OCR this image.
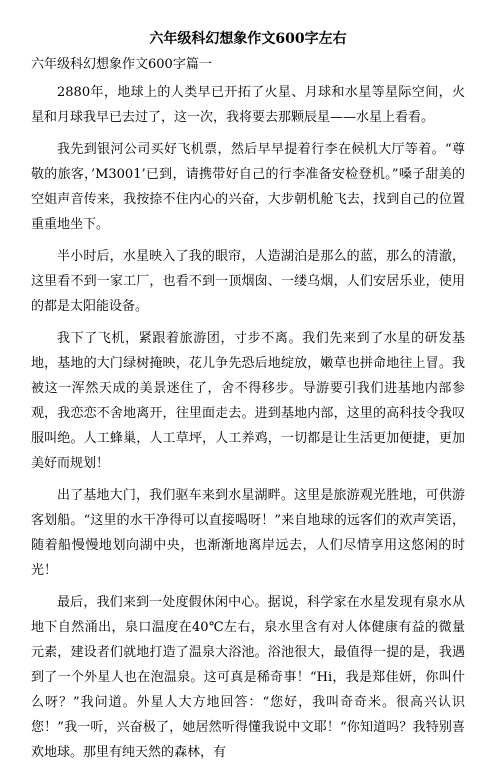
六年级科幻想象作文600字左右
六年级科幻想象作文600字篇一

2880年，地球上的人类早已开拓了火星、月球和水星等星际空间，火星和月球我早已去过了，这一次，我将要去那颗辰星——水星上看看。

我先到银河公司买好飞机票，然后早早提着行李在候机大厅等着。“尊敬的旅客，’M3001’已到，请携带好自己的行李准备安检登机。”嗓子甜美的空姐声音传来，我按捺不住内心的兴奋，大步朝机舱飞去，找到自己的位置重重地坐下。

半小时后，水星映入了我的眼帘，人造湖泊是那么的蓝，那么的清澈，这里看不到一家工厂，也看不到一顶烟囱、一缕乌烟，人们安居乐业，使用的都是太阳能设备。

我下了飞机，紧跟着旅游团，寸步不离。我们先来到了水星的研发基地，基地的大门绿树掩映，花儿争先恐后地绽放，嫩草也拼命地往上冒。我被这一浑然天成的美景迷住了，舍不得移步。导游要引我们进基地内部参观，我恋恋不舍地离开，往里面走去。进到基地内部，这里的高科技令我叹服叫绝。人工蜂巢，人工草坪，人工养鸡，一切都是让生活更加便捷，更加美好而规划！

出了基地大门，我们驱车来到水星湖畔。这里是旅游观光胜地，可供游客划船。“这里的水干净得可以直接喝呀！”来自地球的远客们的欢声笑语，随着船慢慢地划向湖中央，也渐渐地离岸远去，人们尽情享用这悠闲的时光！

最后，我们来到一处度假休闲中心。据说，科学家在水星发现有泉水从地下自然涌出，泉口温度在40℃左右，泉水里含有对人体健康有益的微量元素，建设者们就地打造了温泉大浴池。浴池很大，最值得一提的是，我遇到了一个外星人也在泡温泉。这可真是稀奇事！“Hi，我是郑佳妍，你叫什么呀？”我问道。外星人大方地回答：“您好，我叫奇奇米。很高兴认识您！”我一听，兴奋极了，她居然听得懂我说中文耶！“你知道吗？我特别喜欢地球。那里有纯天然的森林，有
